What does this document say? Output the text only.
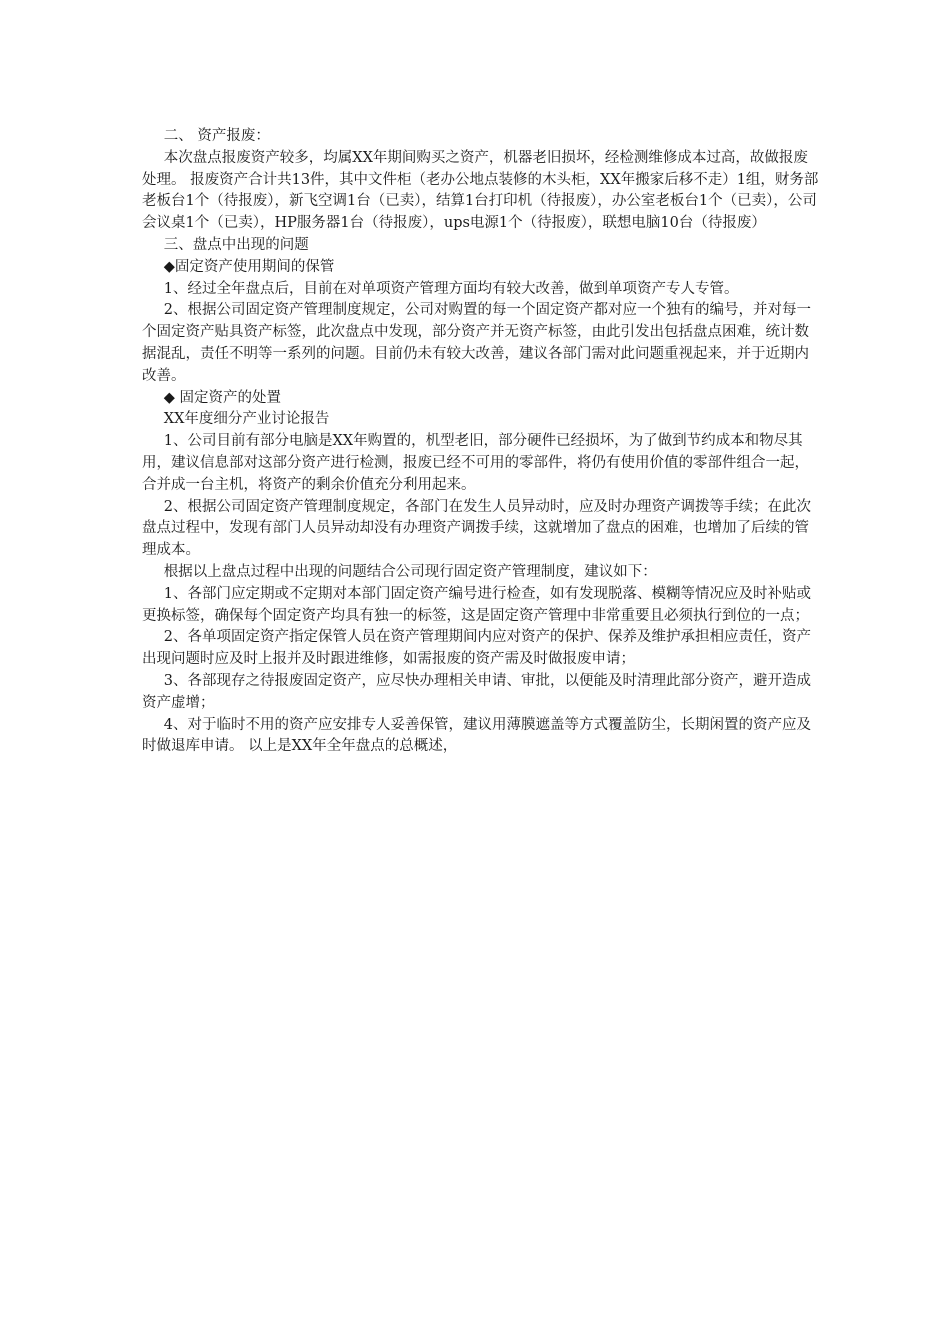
二、 资产报废：

本次盘点报废资产较多，均属XX年期间购买之资产，机器老旧损坏，经检测维修成本过高，故做报废处理。 报废资产合计共13件，其中文件柜（老办公地点装修的木头柜，XX年搬家后移不走）1组，财务部老板台1个（待报废），新飞空调1台（已卖），结算1台打印机（待报废），办公室老板台1个（已卖），公司会议桌1个（已卖），HP服务器1台（待报废），ups电源1个（待报废），联想电脑10台（待报废）

三、盘点中出现的问题

◆固定资产使用期间的保管

1、经过全年盘点后，目前在对单项资产管理方面均有较大改善，做到单项资产专人专管。

2、根据公司固定资产管理制度规定，公司对购置的每一个固定资产都对应一个独有的编号，并对每一个固定资产贴具资产标签，此次盘点中发现，部分资产并无资产标签，由此引发出包括盘点困难，统计数据混乱，责任不明等一系列的问题。目前仍未有较大改善，建议各部门需对此问题重视起来，并于近期内改善。

◆ 固定资产的处置

XX年度细分产业讨论报告

1、公司目前有部分电脑是XX年购置的，机型老旧，部分硬件已经损坏，为了做到节约成本和物尽其用，建议信息部对这部分资产进行检测，报废已经不可用的零部件，将仍有使用价值的零部件组合一起，合并成一台主机，将资产的剩余价值充分利用起来。

2、根据公司固定资产管理制度规定，各部门在发生人员异动时，应及时办理资产调拨等手续；在此次盘点过程中，发现有部门人员异动却没有办理资产调拨手续，这就增加了盘点的困难，也增加了后续的管理成本。

根据以上盘点过程中出现的问题结合公司现行固定资产管理制度，建议如下：

1、各部门应定期或不定期对本部门固定资产编号进行检查，如有发现脱落、模糊等情况应及时补贴或更换标签，确保每个固定资产均具有独一的标签，这是固定资产管理中非常重要且必须执行到位的一点；

2、各单项固定资产指定保管人员在资产管理期间内应对资产的保护、保养及维护承担相应责任，资产出现问题时应及时上报并及时跟进维修，如需报废的资产需及时做报废申请；

3、各部现存之待报废固定资产，应尽快办理相关申请、审批，以便能及时清理此部分资产，避开造成资产虚增；

4、对于临时不用的资产应安排专人妥善保管，建议用薄膜遮盖等方式覆盖防尘，长期闲置的资产应及时做退库申请。 以上是XX年全年盘点的总概述，
